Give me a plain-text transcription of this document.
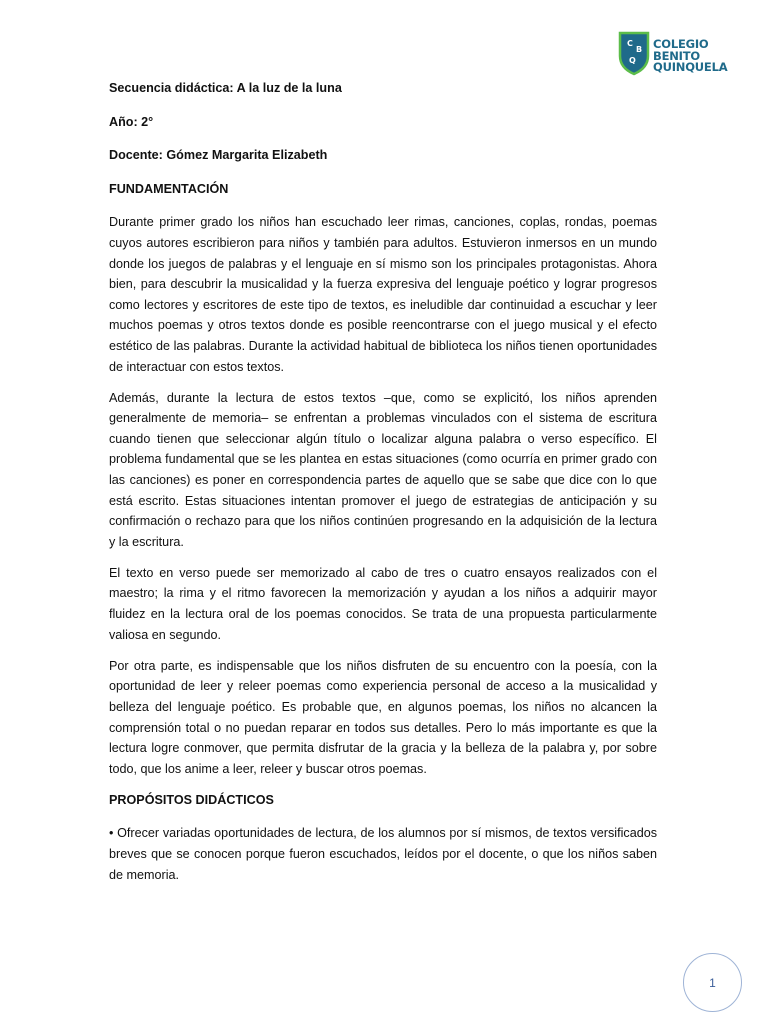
C
B
Q
COLEGIO
BENITO
QUINQUELA

Secuencia didáctica: A la luz de la luna

Año: 2°

Docente: Gómez Margarita Elizabeth

FUNDAMENTACIÓN

Durante primer grado los niños han escuchado leer rimas, canciones, coplas, rondas, poemas cuyos autores escribieron para niños y también para adultos. Estuvieron inmersos en un mundo donde los juegos de palabras y el lenguaje en sí mismo son los principales protagonistas. Ahora bien, para descubrir la musicalidad y la fuerza expresiva del lenguaje poético y lograr progresos como lectores y escritores de este tipo de textos, es ineludible dar continuidad a escuchar y leer muchos poemas y otros textos donde es posible reencontrarse con el juego musical y el efecto estético de las palabras. Durante la actividad habitual de biblioteca los niños tienen oportunidades de interactuar con estos textos.

Además, durante la lectura de estos textos –que, como se explicitó, los niños aprenden generalmente de memoria– se enfrentan a problemas vinculados con el sistema de escritura cuando tienen que seleccionar algún título o localizar alguna palabra o verso específico. El problema fundamental que se les plantea en estas situaciones (como ocurría en primer grado con las canciones) es poner en correspondencia partes de aquello que se sabe que dice con lo que está escrito. Estas situaciones intentan promover el juego de estrategias de anticipación y su confirmación o rechazo para que los niños continúen progresando en la adquisición de la lectura y la escritura.

El texto en verso puede ser memorizado al cabo de tres o cuatro ensayos realizados con el maestro; la rima y el ritmo favorecen la memorización y ayudan a los niños a adquirir mayor fluidez en la lectura oral de los poemas conocidos. Se trata de una propuesta particularmente valiosa en segundo.

Por otra parte, es indispensable que los niños disfruten de su encuentro con la poesía, con la oportunidad de leer y releer poemas como experiencia personal de acceso a la musicalidad y belleza del lenguaje poético. Es probable que, en algunos poemas, los niños no alcancen la comprensión total o no puedan reparar en todos sus detalles. Pero lo más importante es que la lectura logre conmover, que permita disfrutar de la gracia y la belleza de la palabra y, por sobre todo, que los anime a leer, releer y buscar otros poemas.

PROPÓSITOS DIDÁCTICOS

• Ofrecer variadas oportunidades de lectura, de los alumnos por sí mismos, de textos versificados breves que se conocen porque fueron escuchados, leídos por el docente, o que los niños saben de memoria.

1
